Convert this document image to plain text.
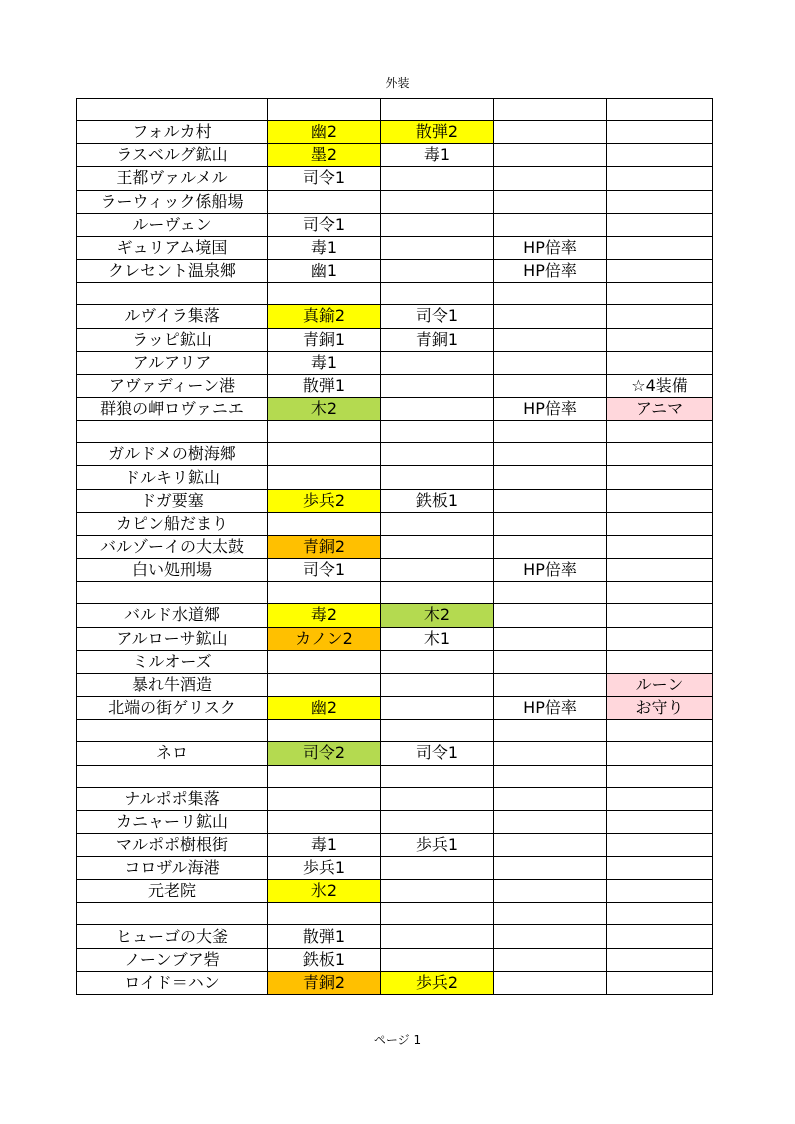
外装

フォルカ村	幽2	散弾2		
ラスベルグ鉱山	墨2	毒1		
王都ヴァルメル	司令1			
ラーウィック係船場				
ルーヴェン	司令1			
ギュリアム境国	毒1		HP倍率	
クレセント温泉郷	幽1		HP倍率	

ルヴイラ集落	真鍮2	司令1		
ラッピ鉱山	青銅1	青銅1		
アルアリア	毒1			
アヴァディーン港	散弾1			☆4装備
群狼の岬ロヴァニエ	木2		HP倍率	アニマ

ガルドメの樹海郷				
ドルキリ鉱山				
ドガ要塞	歩兵2	鉄板1		
カピン船だまり				
バルゾーイの大太鼓	青銅2			
白い処刑場	司令1		HP倍率	

バルド水道郷	毒2	木2		
アルローサ鉱山	カノン2	木1		
ミルオーズ				
暴れ牛酒造				ルーン
北端の街ゲリスク	幽2		HP倍率	お守り

ネロ	司令2	司令1		

ナルポポ集落				
カニャーリ鉱山				
マルポポ樹根街	毒1	歩兵1		
コロザル海港	歩兵1			
元老院	氷2			

ヒューゴの大釜	散弾1			
ノーンブア砦	鉄板1			
ロイド＝ハン	青銅2	歩兵2		
ページ 1
